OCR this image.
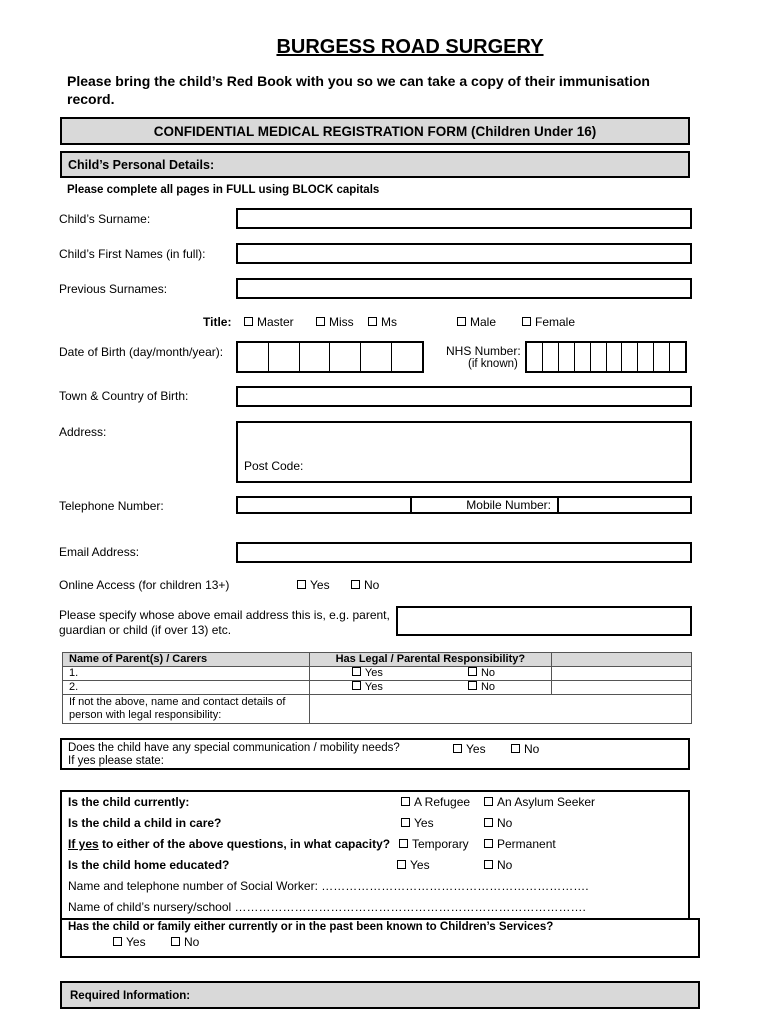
BURGESS ROAD SURGERY
Please bring the child’s Red Book with you so we can take a copy of their immunisation record.
CONFIDENTIAL MEDICAL REGISTRATION FORM (Children Under 16)
Child’s Personal Details:
Please complete all pages in FULL using BLOCK capitals
Child’s Surname:
Child’s First Names (in full):
Previous Surnames:
Title:	Master	Miss	Ms	Male	Female
Date of Birth (day/month/year):	NHS Number:
(if known)
Town & Country of Birth:
Address:
Post Code:
Telephone Number:	Mobile Number:
Email Address:
Online Access (for children 13+)	Yes	No
Please specify whose above email address this is, e.g. parent, guardian or child (if over 13) etc.
Name of Parent(s) / Carers	Has Legal / Parental Responsibility?	
1.	Yes No	
2.	Yes No	
If not the above, name and contact details of person with legal responsibility:		
Does the child have any special communication / mobility needs?
If yes please state:
Yes	No
Is the child currently:	A Refugee	An Asylum Seeker
Is the child a child in care?	Yes	No
If yes to either of the above questions, in what capacity?	Temporary	Permanent
Is the child home educated?	Yes	No
Name and telephone number of Social Worker: ………………………………………………………….
Name of child’s nursery/school …………………………………………………………………………….
Has the child or family either currently or in the past been known to Children’s Services?
Yes	No
Required Information:
